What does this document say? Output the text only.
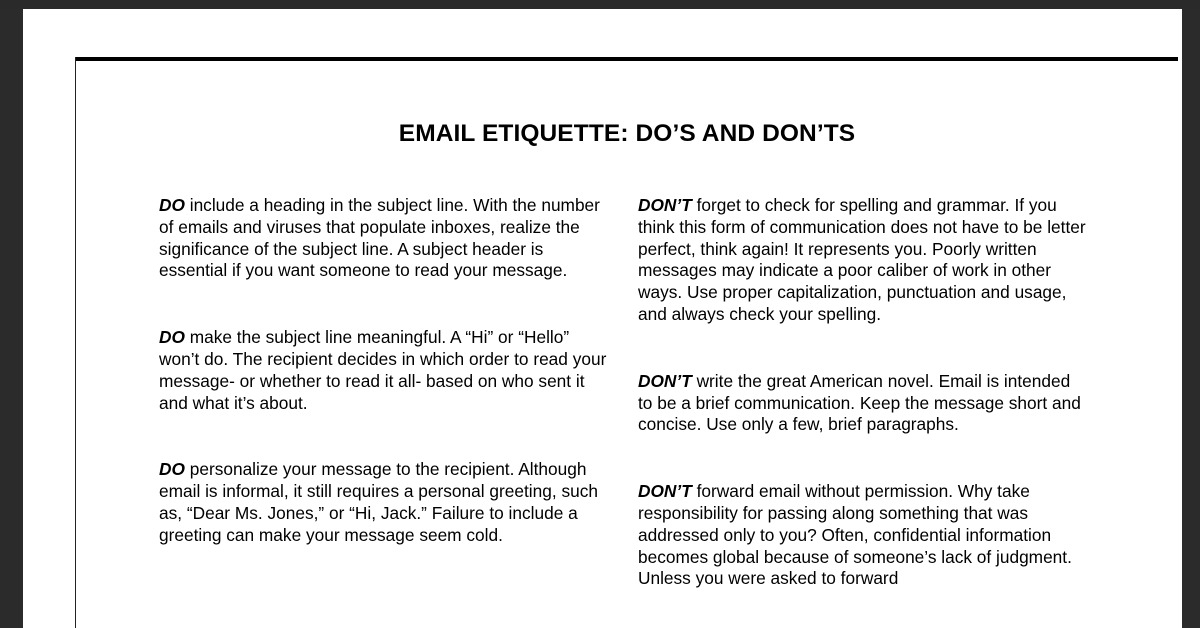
EMAIL ETIQUETTE: DO’S AND DON’TS

DO include a heading in the subject line. With the number of emails and viruses that populate inboxes, realize the significance of the subject line. A subject header is essential if you want someone to read your message.

DO make the subject line meaningful. A “Hi” or “Hello” won’t do. The recipient decides in which order to read your message- or whether to read it all- based on who sent it and what it’s about.

DO personalize your message to the recipient. Although email is informal, it still requires a personal greeting, such as, “Dear Ms. Jones,” or “Hi, Jack.” Failure to include a greeting can make your message seem cold.

DON’T forget to check for spelling and grammar. If you think this form of communication does not have to be letter perfect, think again! It represents you. Poorly written messages may indicate a poor caliber of work in other ways. Use proper capitalization, punctuation and usage, and always check your spelling.

DON’T write the great American novel. Email is intended to be a brief communication. Keep the message short and concise. Use only a few, brief paragraphs.

DON’T forward email without permission. Why take responsibility for passing along something that was addressed only to you? Often, confidential information becomes global because of someone’s lack of judgment. Unless you were asked to forward
